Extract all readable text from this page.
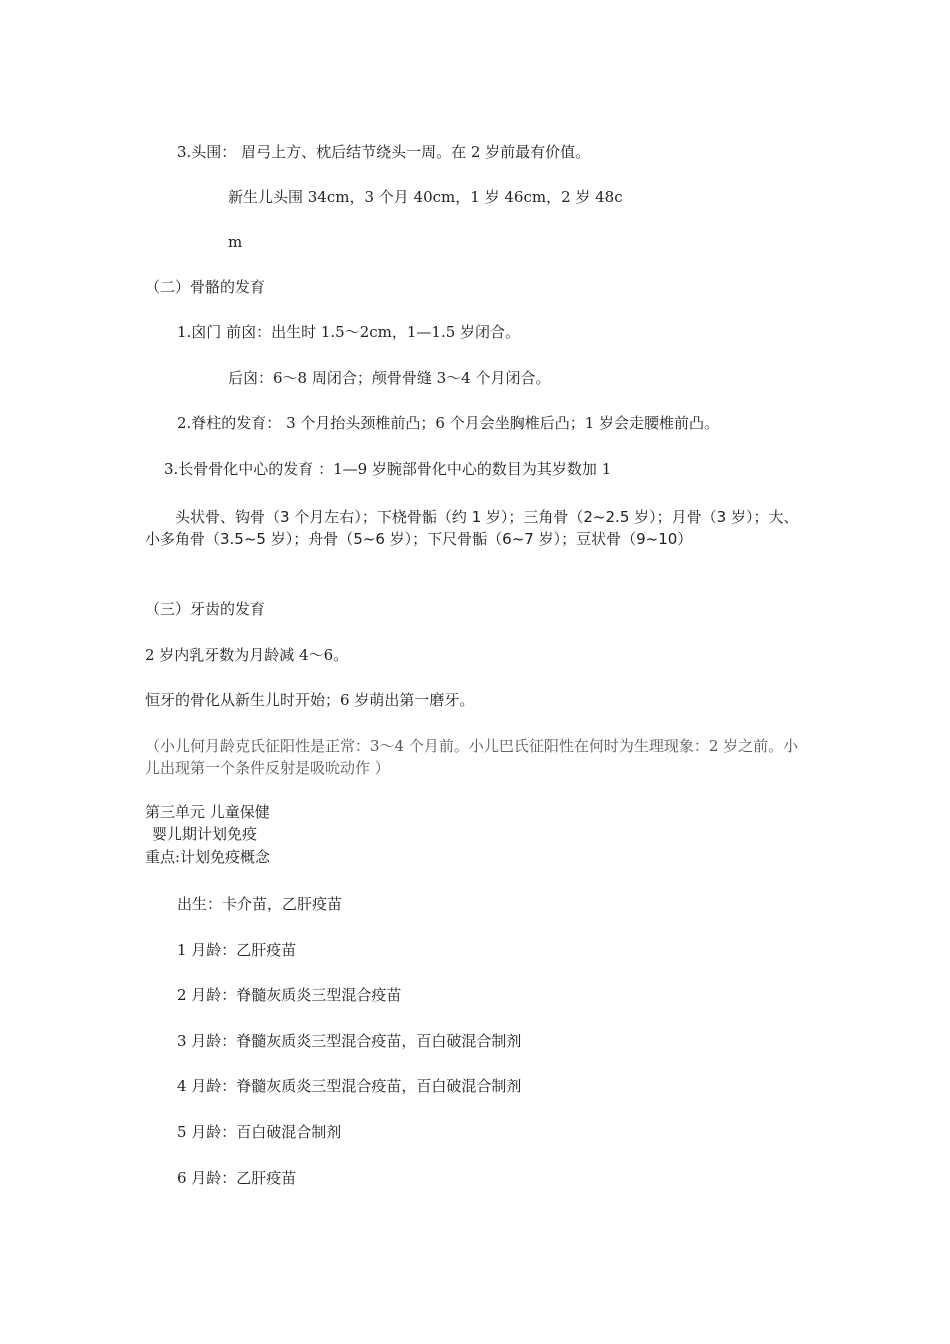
3.头围： 眉弓上方、枕后结节绕头一周。在 2 岁前最有价值。
新生儿头围 34cm，3 个月 40cm，1 岁 46cm，2 岁 48c
m
（二）骨骼的发育
1.囟门 前囟：出生时 1.5～2cm，1—1.5 岁闭合。
后囟：6～8 周闭合；颅骨骨缝 3～4 个月闭合。
2.脊柱的发育： 3 个月抬头颈椎前凸；6 个月会坐胸椎后凸；1 岁会走腰椎前凸。
3.长骨骨化中心的发育 ：1—9 岁腕部骨化中心的数目为其岁数加 1
头状骨、钩骨（3 个月左右）；下桡骨骺（约 1 岁）；三角骨（2~2.5 岁）；月骨（3 岁）；大、小多角骨（3.5~5 岁）；舟骨（5~6 岁）；下尺骨骺（6~7 岁）；豆状骨（9~10）
（三）牙齿的发育
2 岁内乳牙数为月龄减 4～6。
恒牙的骨化从新生儿时开始；6 岁萌出第一磨牙。
（小儿何月龄克氏征阳性是正常：3～4 个月前。小儿巴氏征阳性在何时为生理现象：2 岁之前。小儿出现第一个条件反射是吸吮动作 ）
第三单元 儿童保健
婴儿期计划免疫
重点:计划免疫概念
出生：卡介苗，乙肝疫苗
1 月龄：乙肝疫苗
2 月龄：脊髓灰质炎三型混合疫苗
3 月龄：脊髓灰质炎三型混合疫苗，百白破混合制剂
4 月龄：脊髓灰质炎三型混合疫苗，百白破混合制剂
5 月龄：百白破混合制剂
6 月龄：乙肝疫苗
